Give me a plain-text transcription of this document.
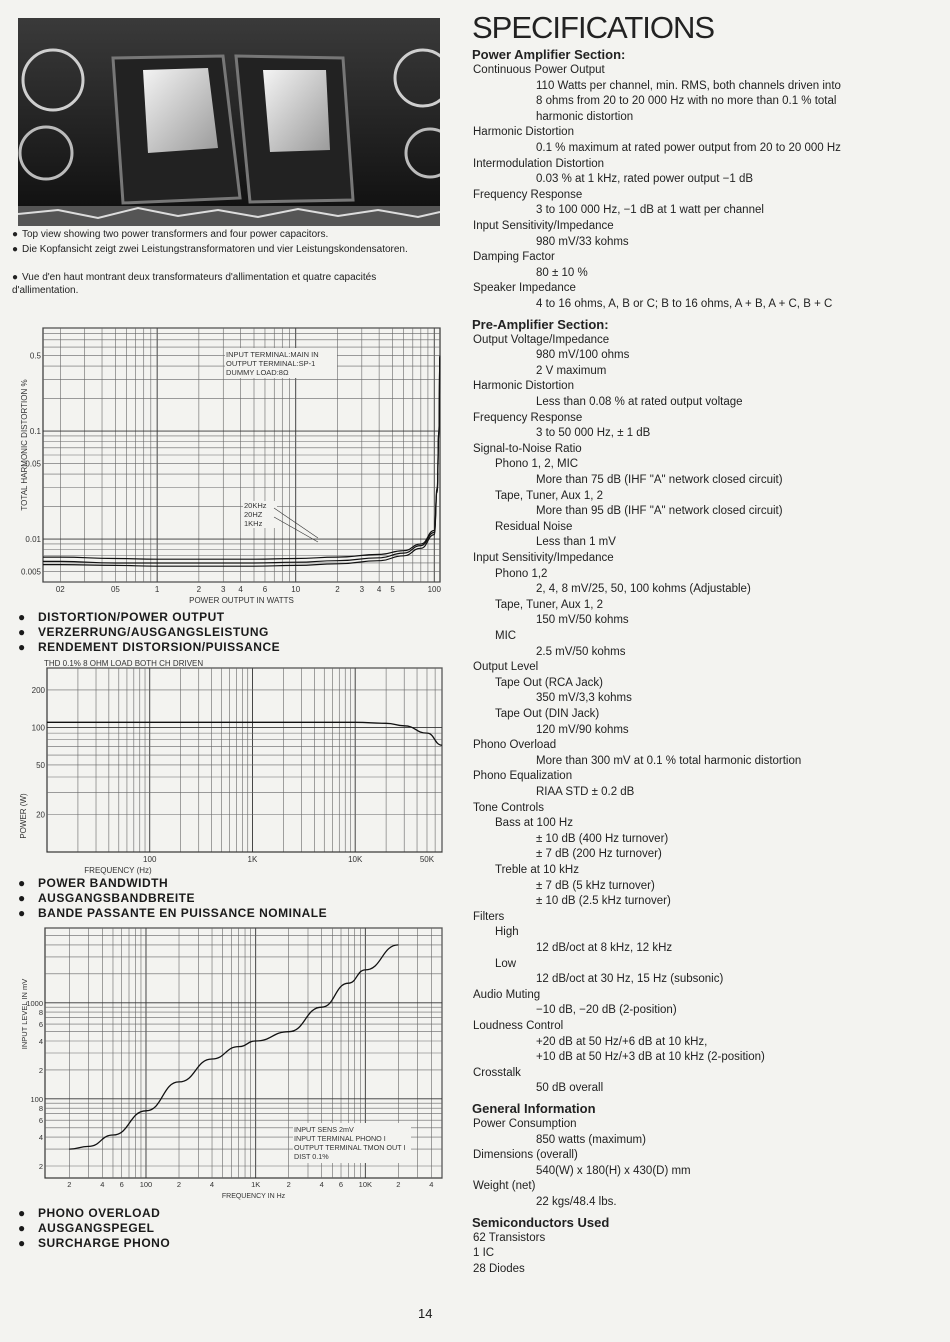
● Top view showing two power transformers and four power capacitors.
● Die Kopfansicht zeigt zwei Leistungstransformatoren und vier Leistungskondensatoren.
● Vue d'en haut montrant deux transformateurs d'allimentation et quatre capacités d'allimentation.
0.5
0.1
0.05
0.01
0.005
02	05	1	2 3 4 6	10	2 3 4 5	100
POWER OUTPUT IN WATTS
TOTAL HARMONIC DISTORTION %
INPUT TERMINAL:MAIN IN
OUTPUT TERMINAL:SP-1
DUMMY LOAD:8Ω
20KHz
20HZ
1KHz
● DISTORTION/POWER OUTPUT
● VERZERRUNG/AUSGANGSLEISTUNG
● RENDEMENT DISTORSION/PUISSANCE
THD 0.1% 8 OHM LOAD BOTH CH DRIVEN
200
100
50
20
100	1K	10K	50K
FREQUENCY (Hz)
POWER (W)
● POWER BANDWIDTH
● AUSGANGSBANDBREITE
● BANDE PASSANTE EN PUISSANCE NOMINALE
1000
8
6
4
2
100
8
6
4
2
2	4 6 100	2	4	1K	2	4 6 10K	2	4
FREQUENCY IN Hz
INPUT LEVEL IN mV
INPUT SENS 2mV
INPUT TERMINAL PHONO I
OUTPUT TERMINAL TMON OUT I
DIST 0.1%
● PHONO OVERLOAD
● AUSGANGSPEGEL
● SURCHARGE PHONO
SPECIFICATIONS
Power Amplifier Section:
Continuous Power Output
110 Watts per channel, min. RMS, both channels driven into
8 ohms from 20 to 20 000 Hz with no more than 0.1 % total
harmonic distortion
Harmonic Distortion
0.1 % maximum at rated power output from 20 to 20 000 Hz
Intermodulation Distortion
0.03 % at 1 kHz, rated power output −1 dB
Frequency Response
3 to 100 000 Hz, −1 dB at 1 watt per channel
Input Sensitivity/Impedance
980 mV/33 kohms
Damping Factor
80 ± 10 %
Speaker Impedance
4 to 16 ohms, A, B or C; B to 16 ohms, A + B, A + C, B + C
Pre-Amplifier Section:
Output Voltage/Impedance
980 mV/100 ohms
2 V maximum
Harmonic Distortion
Less than 0.08 % at rated output voltage
Frequency Response
3 to 50 000 Hz, ± 1 dB
Signal-to-Noise Ratio
Phono 1, 2, MIC
More than 75 dB (IHF "A" network closed circuit)
Tape, Tuner, Aux 1, 2
More than 95 dB (IHF "A" network closed circuit)
Residual Noise
Less than 1 mV
Input Sensitivity/Impedance
Phono 1,2
2, 4, 8 mV/25, 50, 100 kohms (Adjustable)
Tape, Tuner, Aux 1, 2
150 mV/50 kohms
MIC
2.5 mV/50 kohms
Output Level
Tape Out (RCA Jack)
350 mV/3,3 kohms
Tape Out (DIN Jack)
120 mV/90 kohms
Phono Overload
More than 300 mV at 0.1 % total harmonic distortion
Phono Equalization
RIAA STD ± 0.2 dB
Tone Controls
Bass at 100 Hz
± 10 dB (400 Hz turnover)
± 7 dB (200 Hz turnover)
Treble at 10 kHz
± 7 dB (5 kHz turnover)
± 10 dB (2.5 kHz turnover)
Filters
High
12 dB/oct at 8 kHz, 12 kHz
Low
12 dB/oct at 30 Hz, 15 Hz (subsonic)
Audio Muting
−10 dB, −20 dB (2-position)
Loudness Control
+20 dB at 50 Hz/+6 dB at 10 kHz,
+10 dB at 50 Hz/+3 dB at 10 kHz (2-position)
Crosstalk
50 dB overall
General Information
Power Consumption
850 watts (maximum)
Dimensions (overall)
540(W) x 180(H) x 430(D) mm
Weight (net)
22 kgs/48.4 lbs.
Semiconductors Used
62 Transistors
1 IC
28 Diodes
14
